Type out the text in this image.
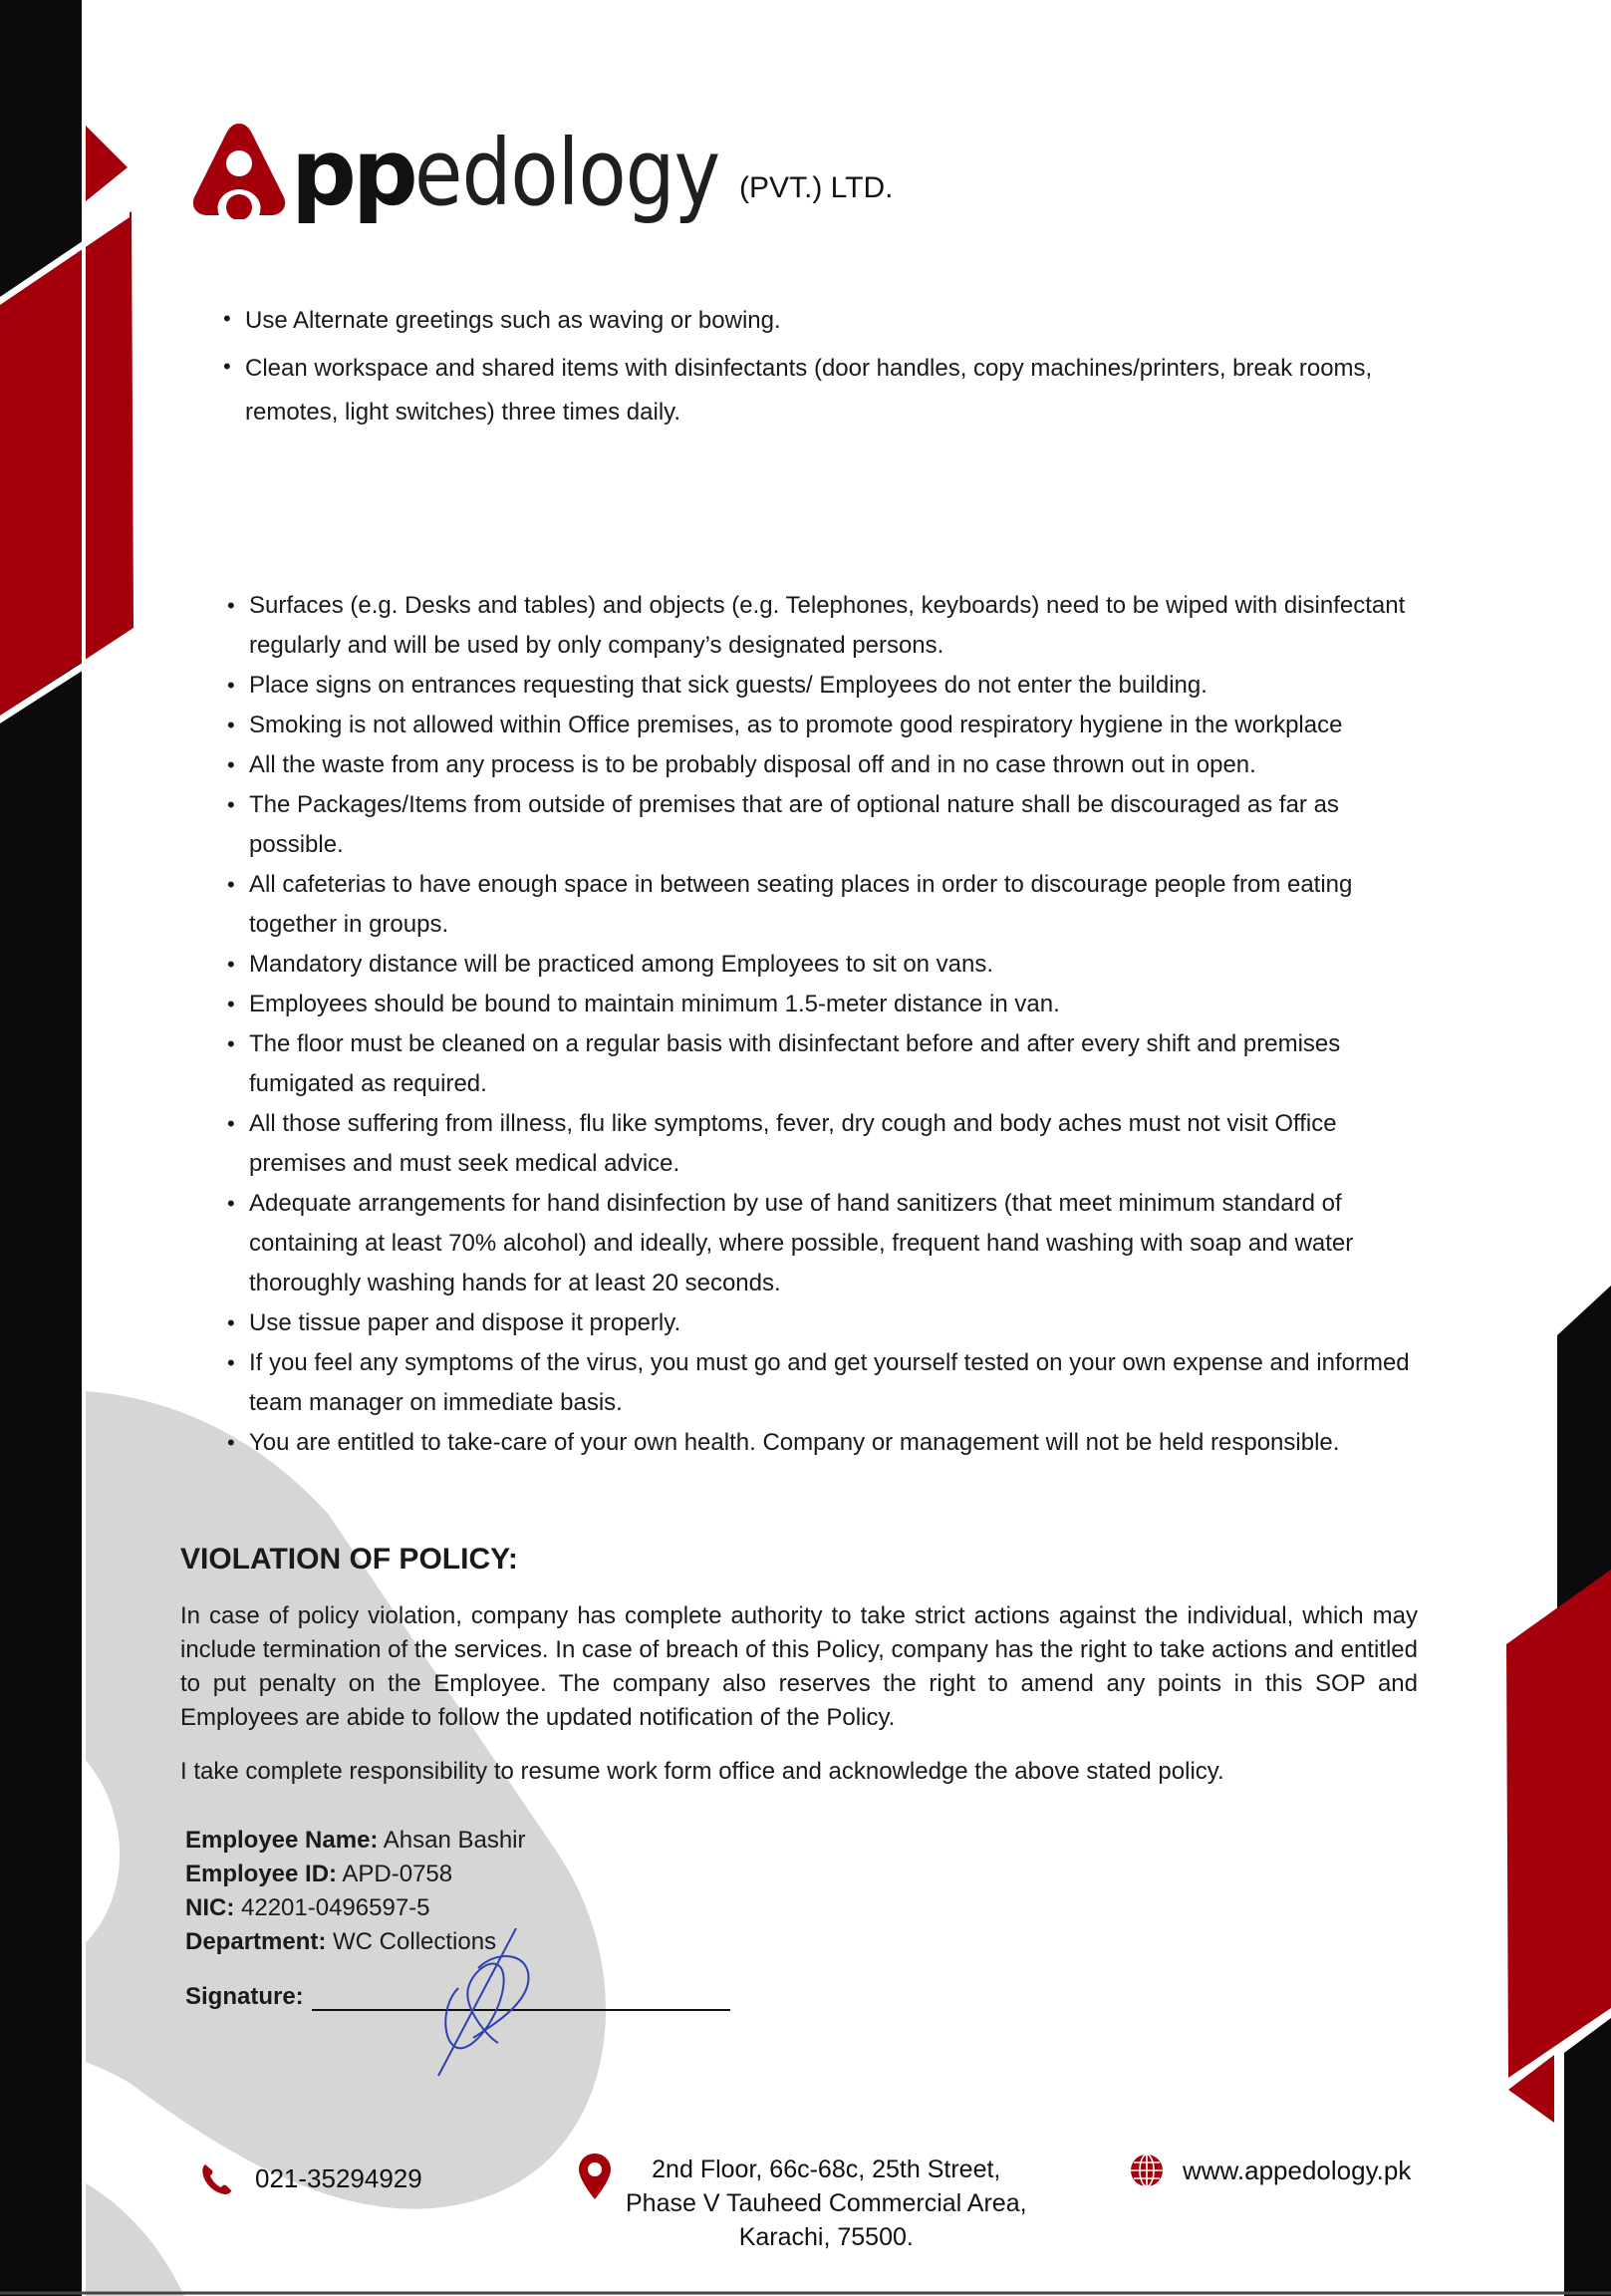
pp edology (PVT.) LTD.
• Use Alternate greetings such as waving or bowing.
• Clean workspace and shared items with disinfectants (door handles, copy machines/printers, break rooms, remotes, light switches) three times daily.
• Surfaces (e.g. Desks and tables) and objects (e.g. Telephones, keyboards) need to be wiped with disinfectant regularly and will be used by only company’s designated persons.
• Place signs on entrances requesting that sick guests/ Employees do not enter the building.
• Smoking is not allowed within Office premises, as to promote good respiratory hygiene in the workplace
• All the waste from any process is to be probably disposal off and in no case thrown out in open.
• The Packages/Items from outside of premises that are of optional nature shall be discouraged as far as possible.
• All cafeterias to have enough space in between seating places in order to discourage people from eating together in groups.
• Mandatory distance will be practiced among Employees to sit on vans.
• Employees should be bound to maintain minimum 1.5-meter distance in van.
• The floor must be cleaned on a regular basis with disinfectant before and after every shift and premises fumigated as required.
• All those suffering from illness, flu like symptoms, fever, dry cough and body aches must not visit Office premises and must seek medical advice.
• Adequate arrangements for hand disinfection by use of hand sanitizers (that meet minimum standard of containing at least 70% alcohol) and ideally, where possible, frequent hand washing with soap and water thoroughly washing hands for at least 20 seconds.
• Use tissue paper and dispose it properly.
• If you feel any symptoms of the virus, you must go and get yourself tested on your own expense and informed team manager on immediate basis.
• You are entitled to take-care of your own health. Company or management will not be held responsible.
VIOLATION OF POLICY:
In case of policy violation, company has complete authority to take strict actions against the individual, which may include termination of the services. In case of breach of this Policy, company has the right to take actions and entitled to put penalty on the Employee. The company also reserves the right to amend any points in this SOP and Employees are abide to follow the updated notification of the Policy.
I take complete responsibility to resume work form office and acknowledge the above stated policy.
Employee Name: Ahsan Bashir
Employee ID: APD-0758
NIC: 42201-0496597-5
Department: WC Collections
Signature:
021-35294929	2nd Floor, 66c-68c, 25th Street,
Phase V Tauheed Commercial Area,
Karachi, 75500.
www.appedology.pk
